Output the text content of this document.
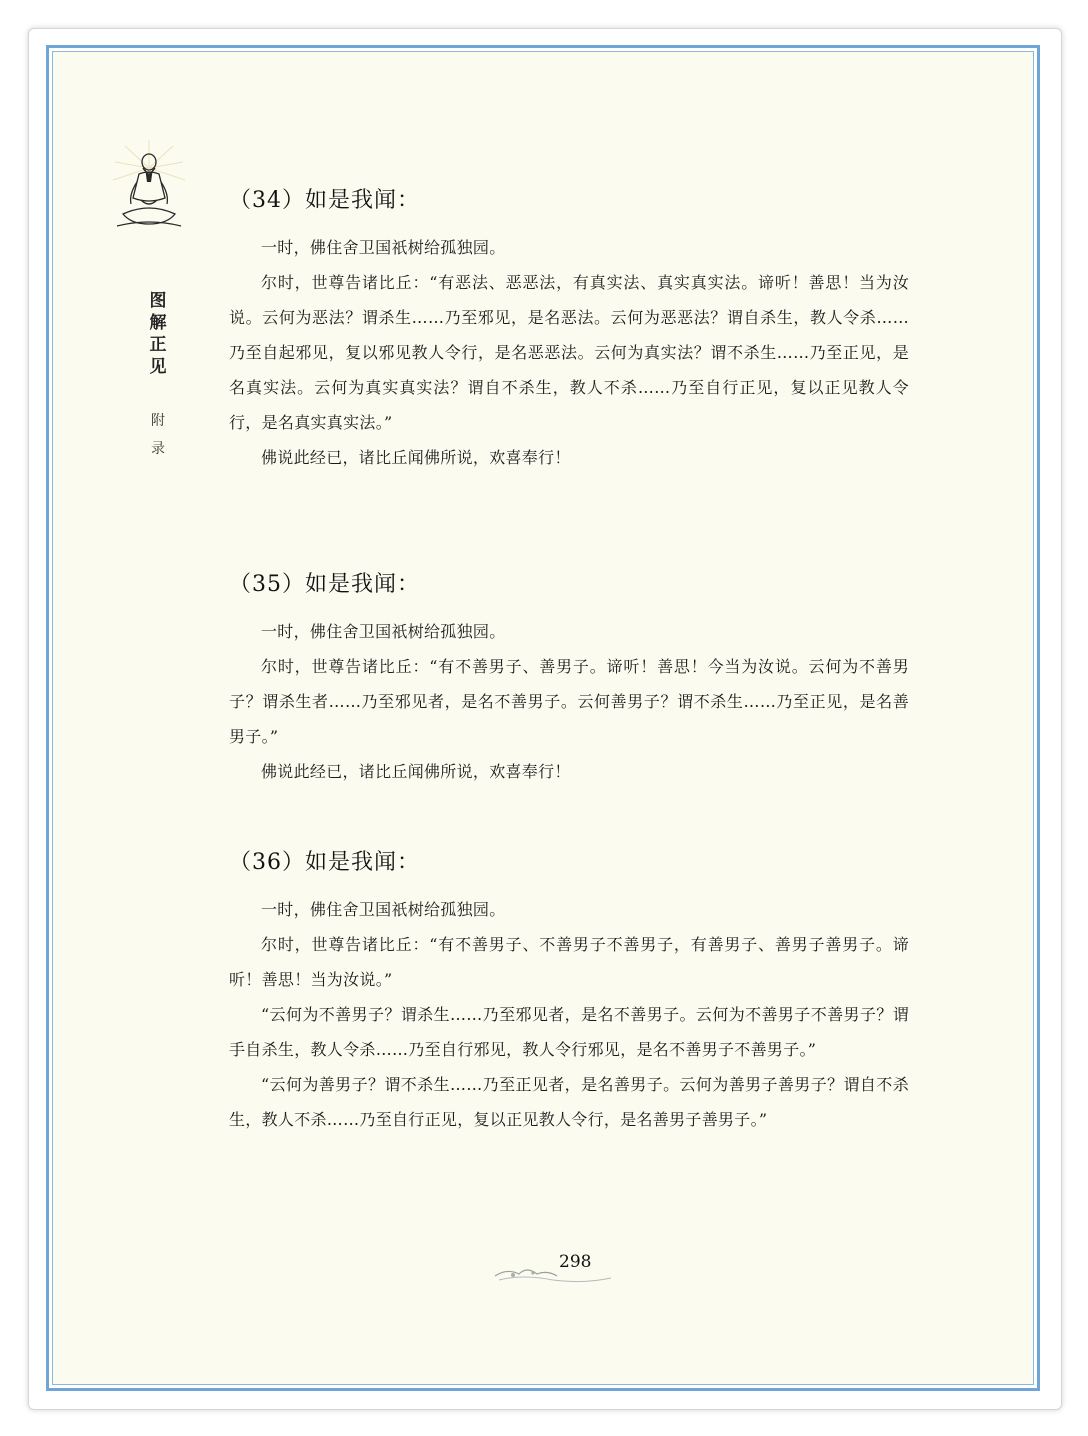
图
解
正
见
附
录
（34）如是我闻：

一时，佛住舍卫国祇树给孤独园。

尔时，世尊告诸比丘：“有恶法、恶恶法，有真实法、真实真实法。谛听！善思！当为汝说。云何为恶法？谓杀生……乃至邪见，是名恶法。云何为恶恶法？谓自杀生，教人令杀……乃至自起邪见，复以邪见教人令行，是名恶恶法。云何为真实法？谓不杀生……乃至正见，是名真实法。云何为真实真实法？谓自不杀生，教人不杀……乃至自行正见，复以正见教人令行，是名真实真实法。”

佛说此经已，诸比丘闻佛所说，欢喜奉行！

（35）如是我闻：

一时，佛住舍卫国祇树给孤独园。

尔时，世尊告诸比丘：“有不善男子、善男子。谛听！善思！今当为汝说。云何为不善男子？谓杀生者……乃至邪见者，是名不善男子。云何善男子？谓不杀生……乃至正见，是名善男子。”

佛说此经已，诸比丘闻佛所说，欢喜奉行！

（36）如是我闻：

一时，佛住舍卫国祇树给孤独园。

尔时，世尊告诸比丘：“有不善男子、不善男子不善男子，有善男子、善男子善男子。谛听！善思！当为汝说。”

“云何为不善男子？谓杀生……乃至邪见者，是名不善男子。云何为不善男子不善男子？谓手自杀生，教人令杀……乃至自行邪见，教人令行邪见，是名不善男子不善男子。”

“云何为善男子？谓不杀生……乃至正见者，是名善男子。云何为善男子善男子？谓自不杀生，教人不杀……乃至自行正见，复以正见教人令行，是名善男子善男子。”

298
